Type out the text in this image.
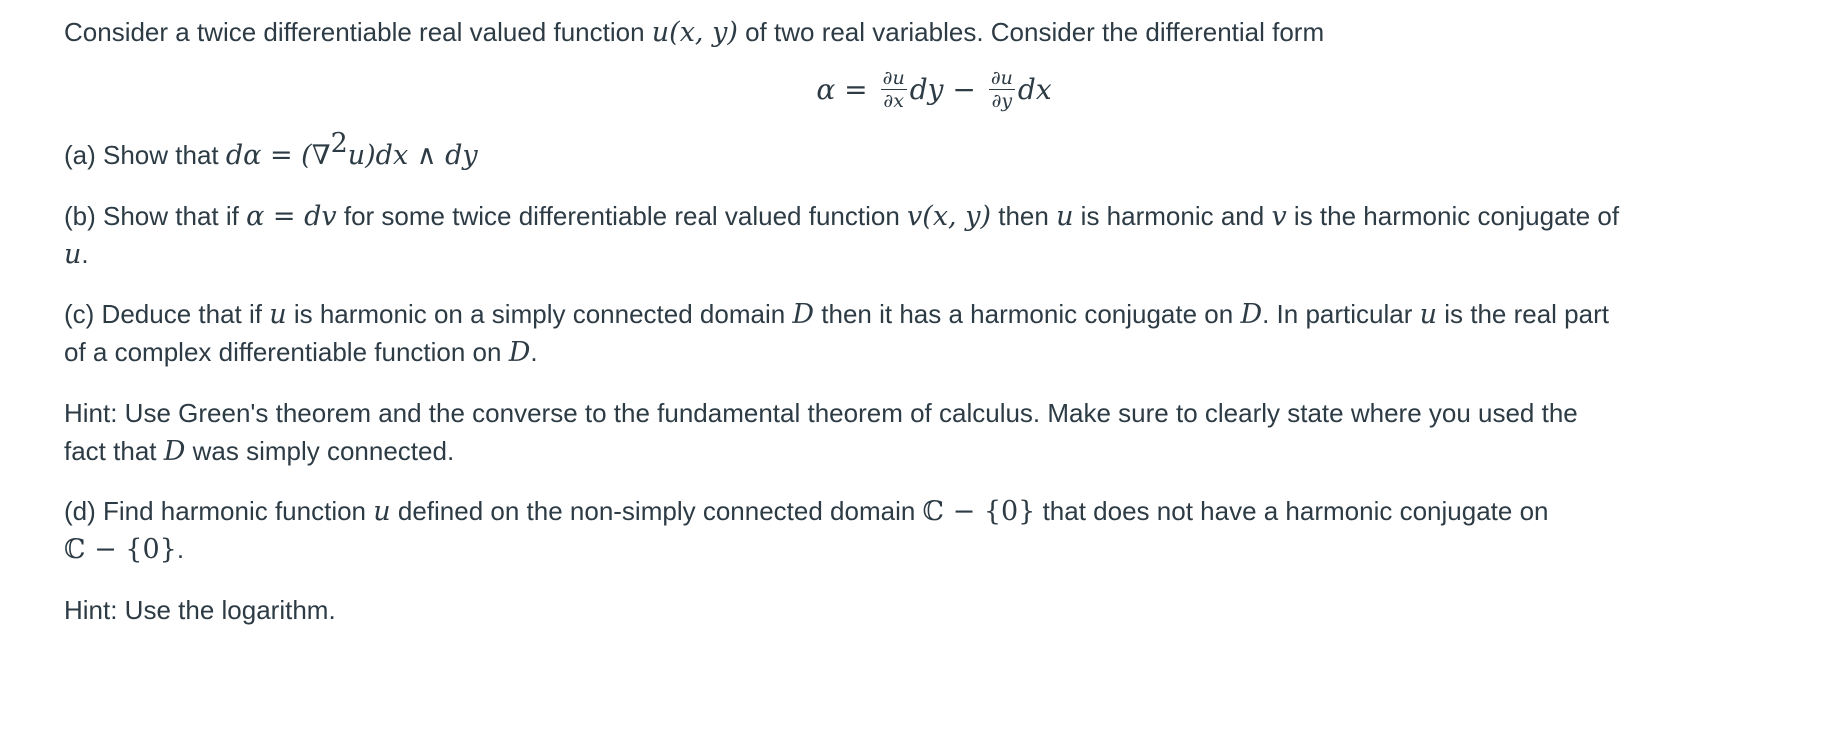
Consider a twice differentiable real valued function u(x, y) of two real variables. Consider the differential form
$\alpha = \frac{\partial u}{\partial x}$ dy − $\frac{\partial u}{\partial y}$ dx
(a) Show that dα = (∇$^2$u)dx ∧ dy
(b) Show that if α = dv for some twice differentiable real valued function v(x, y) then u is harmonic and v is the harmonic conjugate of
u.
(c) Deduce that if u is harmonic on a simply connected domain D then it has a harmonic conjugate on D. In particular u is the real part
of a complex differentiable function on D.
Hint: Use Green's theorem and the converse to the fundamental theorem of calculus. Make sure to clearly state where you used the
fact that D was simply connected.
(d) Find harmonic function u defined on the non-simply connected domain ℂ − {0} that does not have a harmonic conjugate on
ℂ − {0}.
Hint: Use the logarithm.
